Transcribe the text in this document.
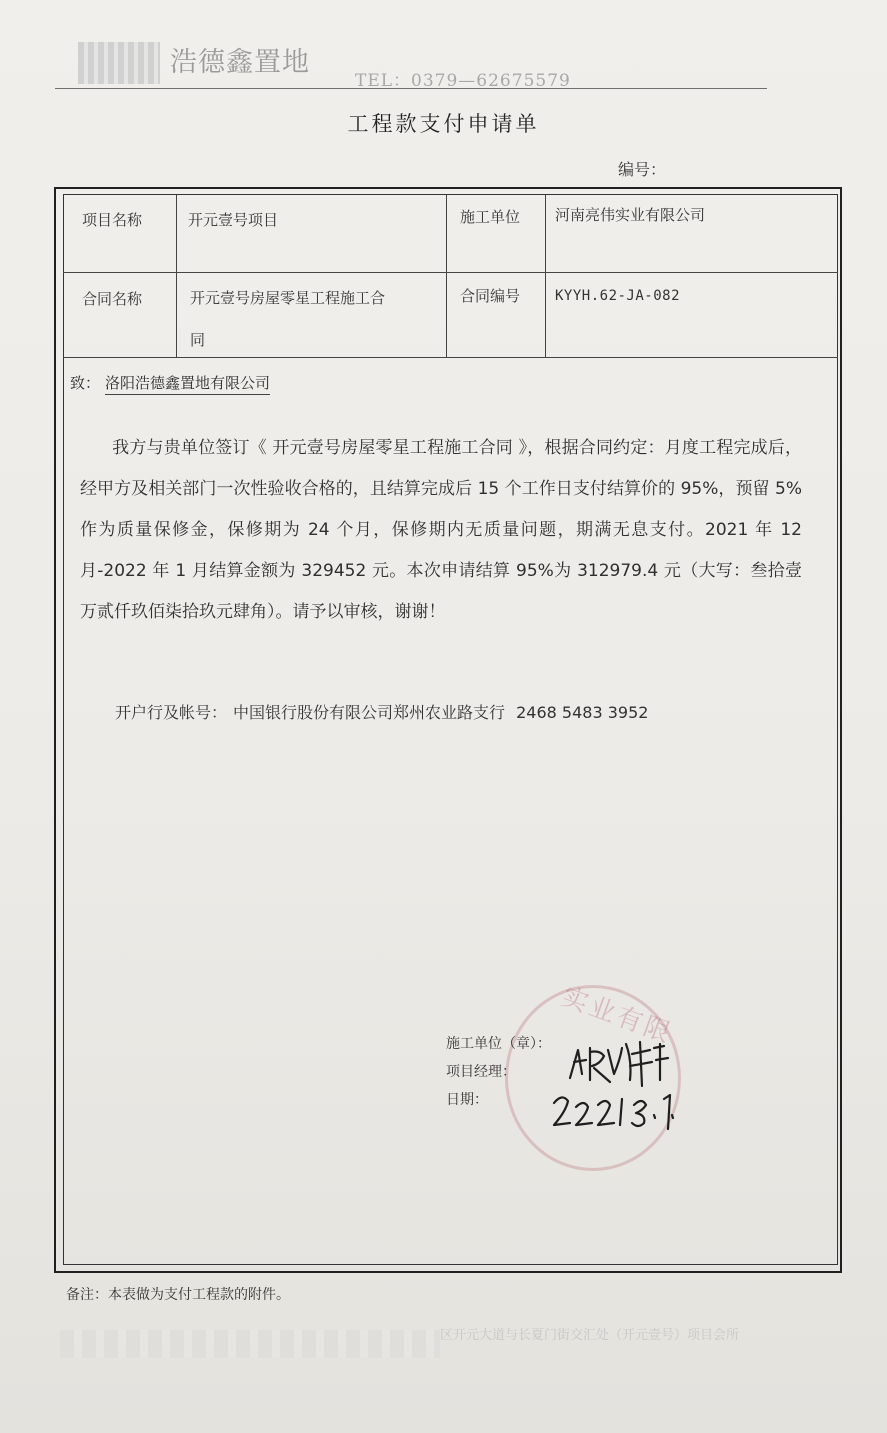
浩德鑫置地
TEL：0379—62675579
工程款支付申请单
编号：
项目名称	开元壹号项目	施工单位 河南亮伟实业有限公司
合同名称	开元壹号房屋零星工程施工合
同
合同编号 KYYH.62-JA-082
致： 洛阳浩德鑫置地有限公司

我方与贵单位签订《 开元壹号房屋零星工程施工合同 》，根据合同约定：月度工程完成后，经甲方及相关部门一次性验收合格的，且结算完成后 15 个工作日支付结算价的 95%，预留 5%作为质量保修金，保修期为 24 个月，保修期内无质量问题，期满无息支付。2021 年 12 月-2022 年 1 月结算金额为 329452 元。本次申请结算 95%为 312979.4 元（大写：叁拾壹万贰仟玖佰柒拾玖元肆角）。请予以审核，谢谢！

开户行及帐号： 中国银行股份有限公司郑州农业路支行 2468 5483 3952
实业有限
施工单位（章）：
项目经理：
日期：
备注：本表做为支付工程款的附件。
区开元大道与长夏门街交汇处（开元壹号）项目会所
